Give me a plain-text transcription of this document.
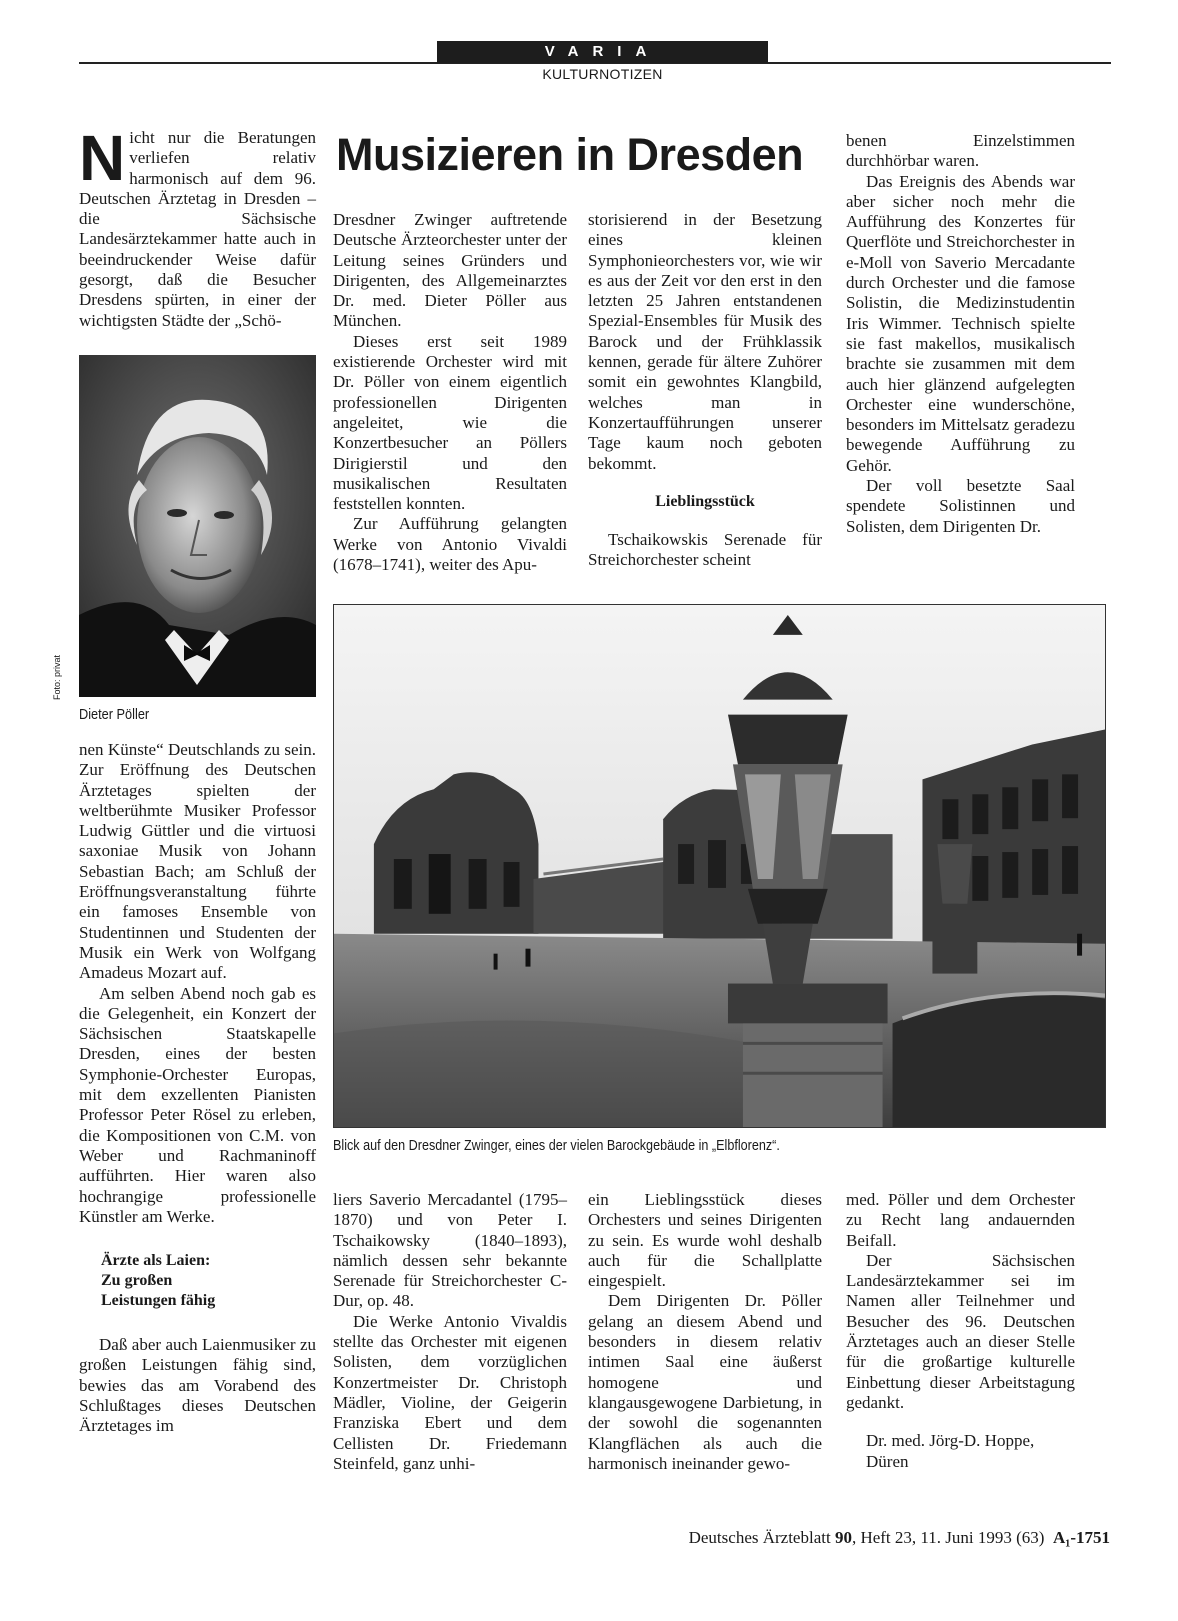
VARIA
KULTURNOTIZEN

Nicht nur die Beratungen verliefen relativ harmonisch auf dem 96. Deutschen Ärztetag in Dresden – die Sächsische Landesärztekammer hatte auch in beeindruckender Weise dafür gesorgt, daß die Besucher Dresdens spürten, in einer der wichtigsten Städte der „Schö-

Musizieren in Dresden
Foto: privat
Dieter Pöller

nen Künste“ Deutschlands zu sein. Zur Eröffnung des Deutschen Ärztetages spielten der weltberühmte Musiker Professor Ludwig Güttler und die virtuosi saxoniae Musik von Johann Sebastian Bach; am Schluß der Eröffnungsveranstaltung führte ein famoses Ensemble von Studentinnen und Studenten der Musik ein Werk von Wolfgang Amadeus Mozart auf.

Am selben Abend noch gab es die Gelegenheit, ein Konzert der Sächsischen Staatskapelle Dresden, eines der besten Symphonie-Orchester Europas, mit dem exzellenten Pianisten Professor Peter Rösel zu erleben, die Kompositionen von C.M. von Weber und Rachmaninoff aufführten. Hier waren also hochrangige professionelle Künstler am Werke.

Ärzte als Laien:

Zu großen

Leistungen fähig

Daß aber auch Laienmusiker zu großen Leistungen fähig sind, bewies das am Vorabend des Schlußtages dieses Deutschen Ärztetages im

Dresdner Zwinger auftretende Deutsche Ärzteorchester unter der Leitung seines Gründers und Dirigenten, des Allgemeinarztes Dr. med. Dieter Pöller aus München.

Dieses erst seit 1989 existierende Orchester wird mit Dr. Pöller von einem eigentlich professionellen Dirigenten angeleitet, wie die Konzertbesucher an Pöllers Dirigierstil und den musikalischen Resultaten feststellen konnten.

Zur Aufführung gelangten Werke von Antonio Vivaldi (1678–1741), weiter des Apu-

storisierend in der Besetzung eines kleinen Symphonieorchesters vor, wie wir es aus der Zeit vor den erst in den letzten 25 Jahren entstandenen Spezial-Ensembles für Musik des Barock und der Frühklassik kennen, gerade für ältere Zuhörer somit ein gewohntes Klangbild, welches man in Konzertaufführungen unserer Tage kaum noch geboten bekommt.

Lieblingsstück

Tschaikowskis Serenade für Streichorchester scheint

benen Einzelstimmen durchhörbar waren.

Das Ereignis des Abends war aber sicher noch mehr die Aufführung des Konzertes für Querflöte und Streichorchester in e-Moll von Saverio Mercadante durch Orchester und die famose Solistin, die Medizinstudentin Iris Wimmer. Technisch spielte sie fast makellos, musikalisch brachte sie zusammen mit dem auch hier glänzend aufgelegten Orchester eine wunderschöne, besonders im Mittelsatz geradezu bewegende Aufführung zu Gehör.

Der voll besetzte Saal spendete Solistinnen und Solisten, dem Dirigenten Dr.

Blick auf den Dresdner Zwinger, eines der vielen Barockgebäude in „Elbflorenz“.

liers Saverio Mercadantel (1795– 1870) und von Peter I. Tschaikowsky (1840–1893), nämlich dessen sehr bekannte Serenade für Streichorchester C-Dur, op. 48.

Die Werke Antonio Vivaldis stellte das Orchester mit eigenen Solisten, dem vorzüglichen Konzertmeister Dr. Christoph Mädler, Violine, der Geigerin Franziska Ebert und dem Cellisten Dr. Friedemann Steinfeld, ganz unhi-

ein Lieblingsstück dieses Orchesters und seines Dirigenten zu sein. Es wurde wohl deshalb auch für die Schallplatte eingespielt.

Dem Dirigenten Dr. Pöller gelang an diesem Abend und besonders in diesem relativ intimen Saal eine äußerst homogene und klangausgewogene Darbietung, in der sowohl die sogenannten Klangflächen als auch die harmonisch ineinander gewo-

med. Pöller und dem Orchester zu Recht lang andauernden Beifall.

Der Sächsischen Landesärztekammer sei im Namen aller Teilnehmer und Besucher des 96. Deutschen Ärztetages auch an dieser Stelle für die großartige kulturelle Einbettung dieser Arbeitstagung gedankt.

Dr. med. Jörg-D. Hoppe,

Düren

Deutsches Ärzteblatt 90, Heft 23, 11. Juni 1993 (63) A₁-1751
